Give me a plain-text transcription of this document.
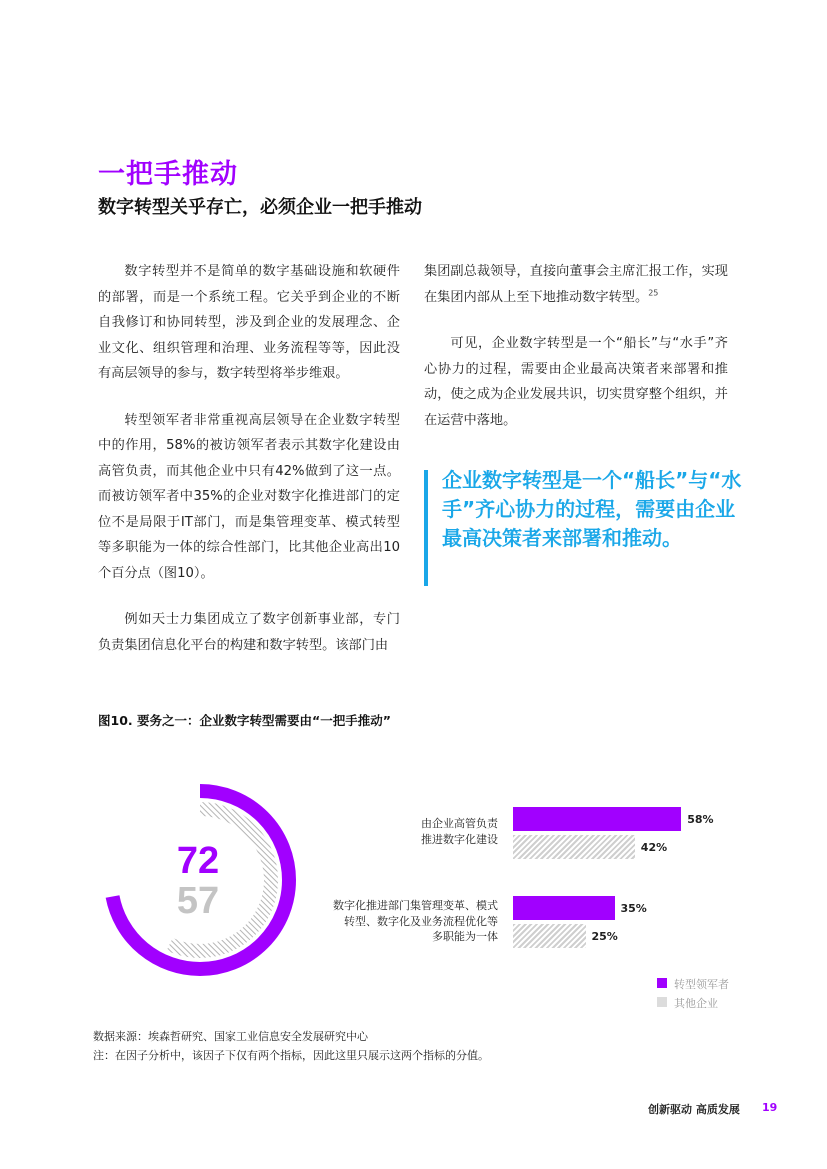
一把手推动
数字转型关乎存亡，必须企业一把手推动

数字转型并不是简单的数字基础设施和软硬件的部署，而是一个系统工程。它关乎到企业的不断自我修订和协同转型，涉及到企业的发展理念、企业文化、组织管理和治理、业务流程等等，因此没有高层领导的参与，数字转型将举步维艰。

转型领军者非常重视高层领导在企业数字转型中的作用，58%的被访领军者表示其数字化建设由高管负责，而其他企业中只有42%做到了这一点。而被访领军者中35%的企业对数字化推进部门的定位不是局限于IT部门，而是集管理变革、模式转型等多职能为一体的综合性部门，比其他企业高出10个百分点（图10）。

例如天士力集团成立了数字创新事业部，专门负责集团信息化平台的构建和数字转型。该部门由

集团副总裁领导，直接向董事会主席汇报工作，实现在集团内部从上至下地推动数字转型。$^{25}$

可见，企业数字转型是一个“船长”与“水手”齐心协力的过程，需要由企业最高决策者来部署和推动，使之成为企业发展共识，切实贯穿整个组织，并在运营中落地。

企业数字转型是一个“船长”与“水手”齐心协力的过程，需要由企业最高决策者来部署和推动。

图10. 要务之一：企业数字转型需要由“一把手推动”

72
57
由企业高管负责
推进数字化建设
数字化推进部门集管理变革、模式
转型、数字化及业务流程优化等
多职能为一体
58%
42%
35%
25%
转型领军者
其他企业

数据来源：埃森哲研究、国家工业信息安全发展研究中心

注：在因子分析中，该因子下仅有两个指标，因此这里只展示这两个指标的分值。

创新驱动 高质发展 19
